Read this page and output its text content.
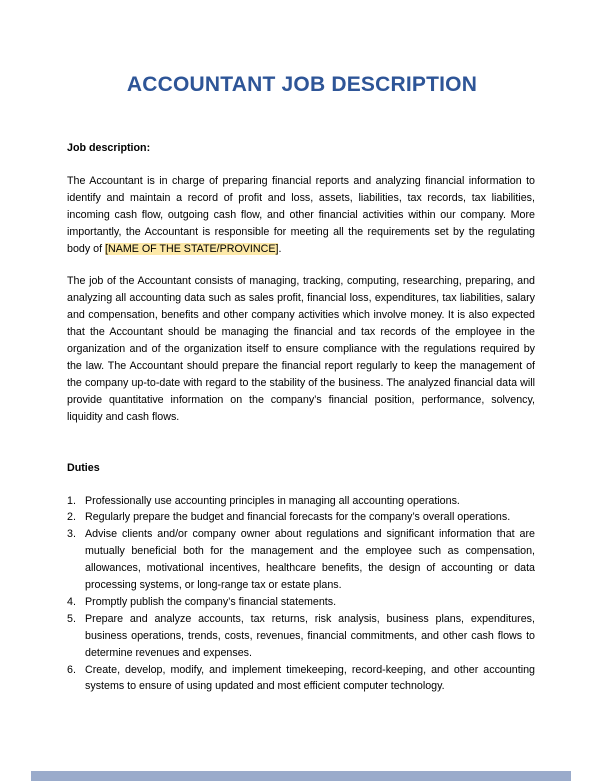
ACCOUNTANT JOB DESCRIPTION

Job description:

The Accountant is in charge of preparing financial reports and analyzing financial information to identify and maintain a record of profit and loss, assets, liabilities, tax records, tax liabilities, incoming cash flow, outgoing cash flow, and other financial activities within our company. More importantly, the Accountant is responsible for meeting all the requirements set by the regulating body of [NAME OF THE STATE/PROVINCE].

The job of the Accountant consists of managing, tracking, computing, researching, preparing, and analyzing all accounting data such as sales profit, financial loss, expenditures, tax liabilities, salary and compensation, benefits and other company activities which involve money. It is also expected that the Accountant should be managing the financial and tax records of the employee in the organization and of the organization itself to ensure compliance with the regulations required by the law. The Accountant should prepare the financial report regularly to keep the management of the company up-to-date with regard to the stability of the business. The analyzed financial data will provide quantitative information on the company’s financial position, performance, solvency, liquidity and cash flows.

Duties

1. Professionally use accounting principles in managing all accounting operations.
2. Regularly prepare the budget and financial forecasts for the company’s overall operations.
3. Advise clients and/or company owner about regulations and significant information that are mutually beneficial both for the management and the employee such as compensation, allowances, motivational incentives, healthcare benefits, the design of accounting or data processing systems, or long-range tax or estate plans.
4. Promptly publish the company’s financial statements.
5. Prepare and analyze accounts, tax returns, risk analysis, business plans, expenditures, business operations, trends, costs, revenues, financial commitments, and other cash flows to determine revenues and expenses.
6. Create, develop, modify, and implement timekeeping, record-keeping, and other accounting systems to ensure of using updated and most efficient computer technology.
